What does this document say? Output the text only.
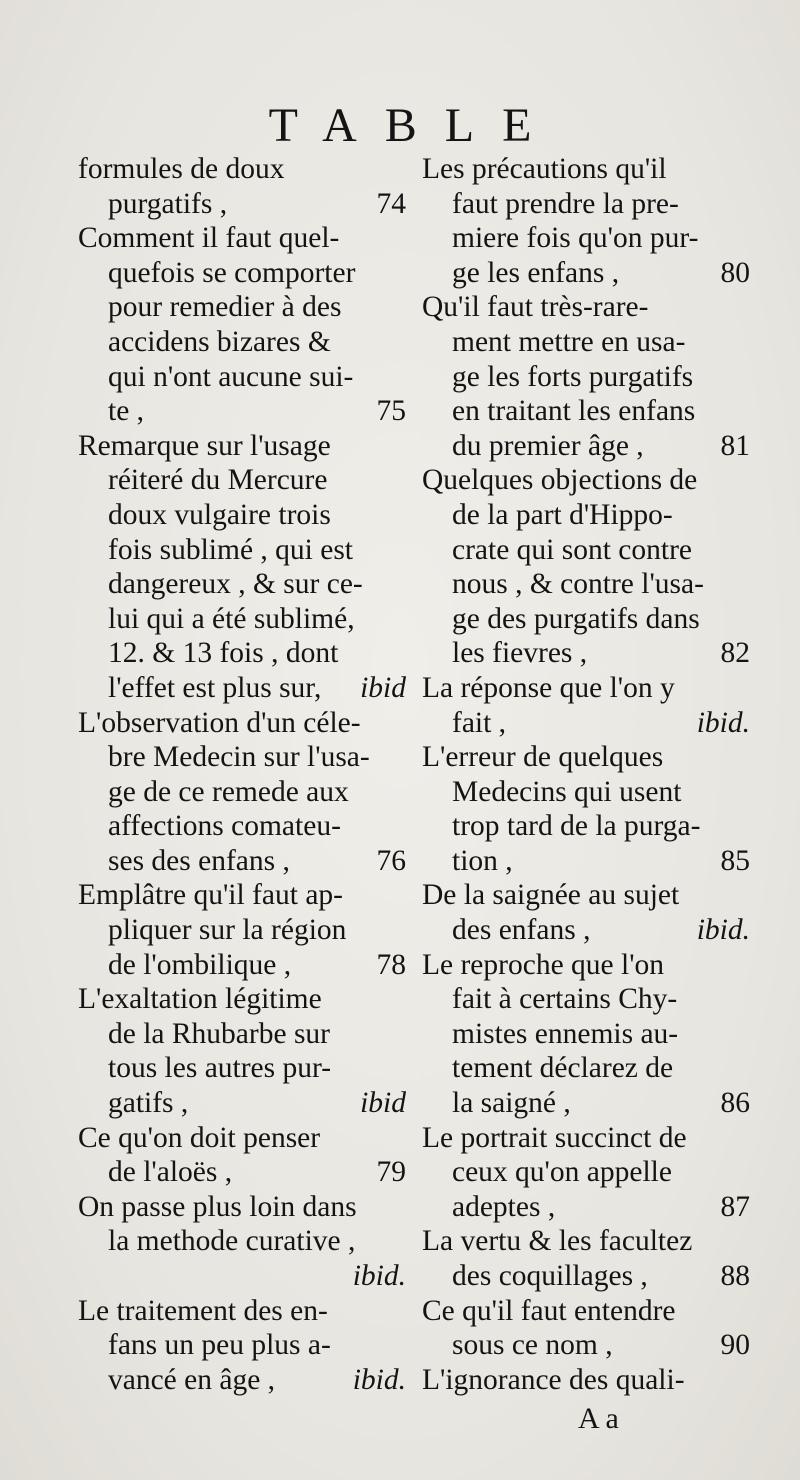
TABLE
formules de doux
purgatifs ,	74
Comment il faut quel-
quefois se comporter
pour remedier à des
accidens bizares &
qui n'ont aucune sui-
te ,	75
Remarque sur l'usage
réiteré du Mercure
doux vulgaire trois
fois sublimé , qui est
dangereux , & sur ce-
lui qui a été sublimé,
12. & 13 fois , dont
l'effet est plus sur, ibid
L'observation d'un céle-
bre Medecin sur l'usa-
ge de ce remede aux
affections comateu-
ses des enfans ,	76
Emplâtre qu'il faut ap-
pliquer sur la région
de l'ombilique ,	78
L'exaltation légitime
de la Rhubarbe sur
tous les autres pur-
gatifs ,	ibid
Ce qu'on doit penser
de l'aloës ,	79
On passe plus loin dans
la methode curative ,
ibid.
Le traitement des en-
fans un peu plus a-
vancé en âge ,	ibid.
Les précautions qu'il
faut prendre la pre-
miere fois qu'on pur-
ge les enfans ,	80
Qu'il faut très-rare-
ment mettre en usa-
ge les forts purgatifs
en traitant les enfans
du premier âge ,	81
Quelques objections de
de la part d'Hippo-
crate qui sont contre
nous , & contre l'usa-
ge des purgatifs dans
les fievres ,	82
La réponse que l'on y
fait ,	ibid.
L'erreur de quelques
Medecins qui usent
trop tard de la purga-
tion ,	85
De la saignée au sujet
des enfans ,	ibid.
Le reproche que l'on
fait à certains Chy-
mistes ennemis au-
tement déclarez de
la saigné ,	86
Le portrait succinct de
ceux qu'on appelle
adeptes ,	87
La vertu & les facultez
des coquillages , 88
Ce qu'il faut entendre
sous ce nom ,	90
L'ignorance des quali-
A a
